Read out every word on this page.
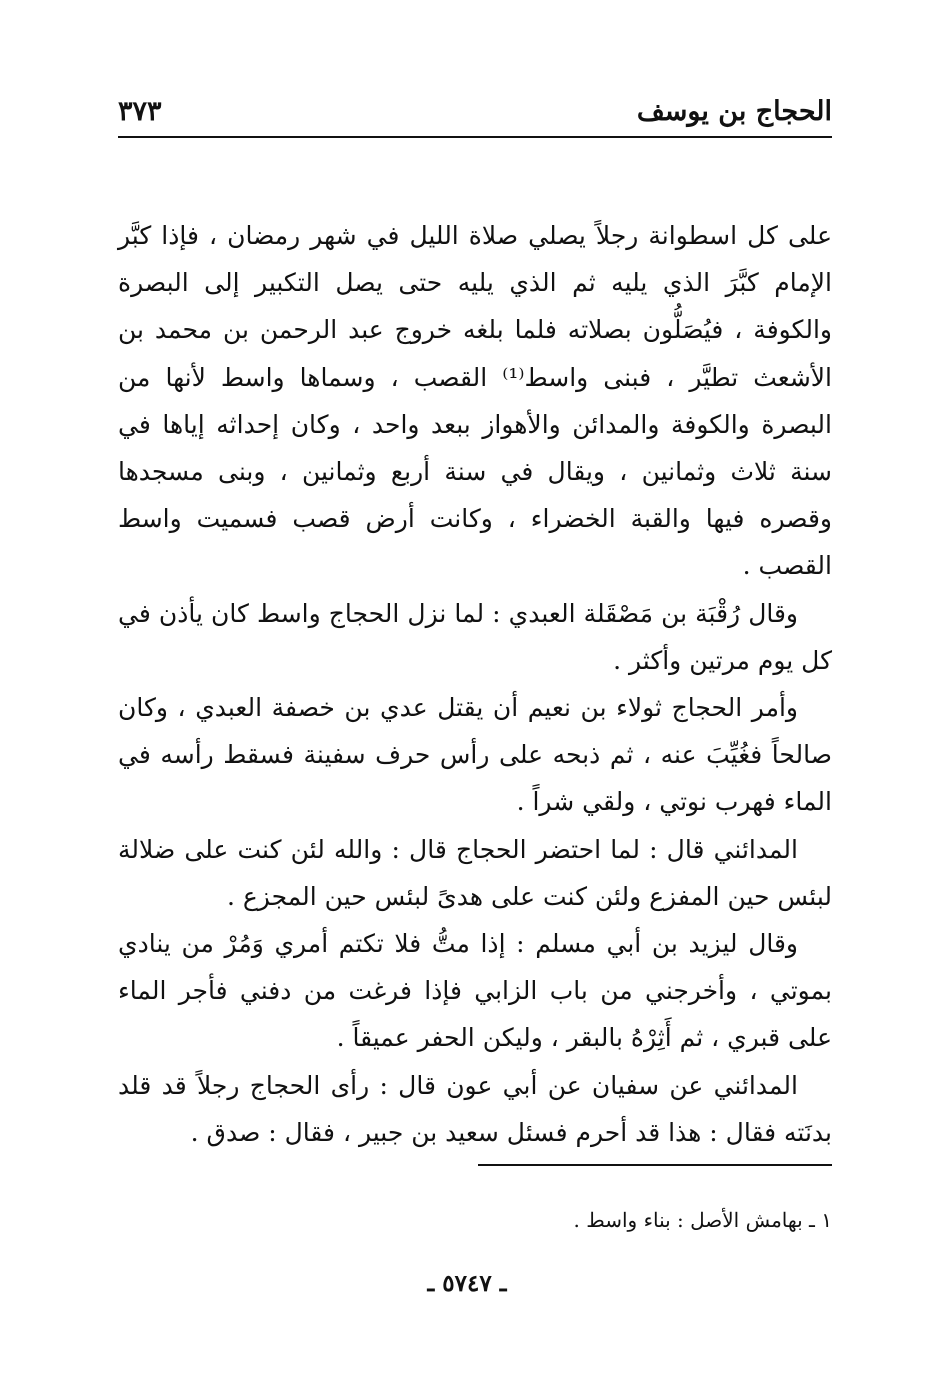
الحجاج بن يوسف
٣٧٣

على كل اسطوانة رجلاً يصلي صلاة الليل في شهر رمضان ، فإذا كبَّر الإمام كبَّرَ الذي يليه ثم الذي يليه حتى يصل التكبير إلى البصرة والكوفة ، فيُصَلُّون بصلاته فلما بلغه خروج عبد الرحمن بن محمد بن الأشعث تطيَّر ، فبنى واسط⁽¹⁾ القصب ، وسماها واسط لأنها من البصرة والكوفة والمدائن والأهواز ببعد واحد ، وكان إحداثه إياها في سنة ثلاث وثمانين ، ويقال في سنة أربع وثمانين ، وبنى مسجدها وقصره فيها والقبة الخضراء ، وكانت أرض قصب فسميت واسط القصب .

وقال رُقْبَة بن مَصْقَلة العبدي : لما نزل الحجاج واسط كان يأذن في كل يوم مرتين وأكثر .

وأمر الحجاج ثولاء بن نعيم أن يقتل عدي بن خصفة العبدي ، وكان صالحاً فغُيِّبَ عنه ، ثم ذبحه على رأس حرف سفينة فسقط رأسه في الماء فهرب نوتي ، ولقي شراً .

المدائني قال : لما احتضر الحجاج قال : والله لئن كنت على ضلالة لبئس حين المفزع ولئن كنت على هدىً لبئس حين المجزع .

وقال ليزيد بن أبي مسلم : إذا متُّ فلا تكتم أمري وَمُرْ من ينادي بموتي ، وأخرجني من باب الزابي فإذا فرغت من دفني فأجر الماء على قبري ، ثم أَثِرْهُ بالبقر ، وليكن الحفر عميقاً .

المدائني عن سفيان عن أبي عون قال : رأى الحجاج رجلاً قد قلد بدنَته فقال : هذا قد أحرم فسئل سعيد بن جبير ، فقال : صدق .

١ ـ بهامش الأصل : بناء واسط .
ـ ٥٧٤٧ ـ
